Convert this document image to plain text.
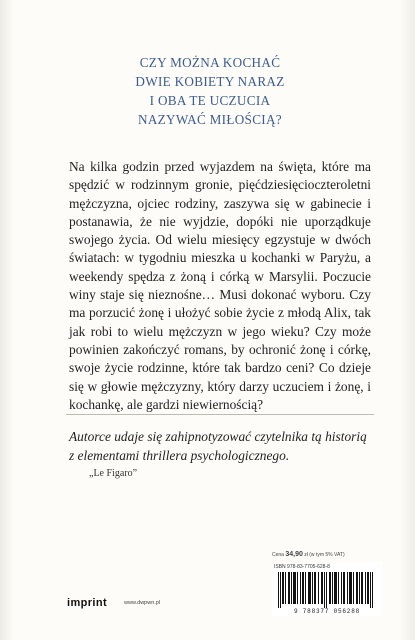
CZY MOŻNA KOCHAĆ
DWIE KOBIETY NARAZ
I OBA TE UCZUCIA
NAZYWAĆ MIŁOŚCIĄ?

Na kilka godzin przed wyjazdem na święta, które ma spędzić w rodzinnym gronie, pięćdziesięcioczteroletni mężczyzna, ojciec rodziny, zaszywa się w gabinecie i postanawia, że nie wyjdzie, dopóki nie uporządkuje swojego życia. Od wielu miesięcy egzystuje w dwóch światach: w tygodniu mieszka u kochanki w Paryżu, a weekendy spędza z żoną i córką w Marsylii. Poczucie winy staje się nieznośne… Musi dokonać wyboru. Czy ma porzucić żonę i ułożyć sobie życie z młodą Alix, tak jak robi to wielu mężczyzn w jego wieku? Czy może powinien zakończyć romans, by ochronić żonę i córkę, swoje życie rodzinne, które tak bardzo ceni? Co dzieje się w głowie mężczyzny, który darzy uczuciem i żonę, i kochankę, ale gardzi niewiernością?

Autorce udaje się zahipnotyzować czytelnika tą historią z elementami thrillera psychologicznego.
„Le Figaro”
Cena 34,90 zł (w tym 5% VAT)
ISBN 978-83-7705-628-8
9 788377 056288
imprint	www.dwpwn.pl
